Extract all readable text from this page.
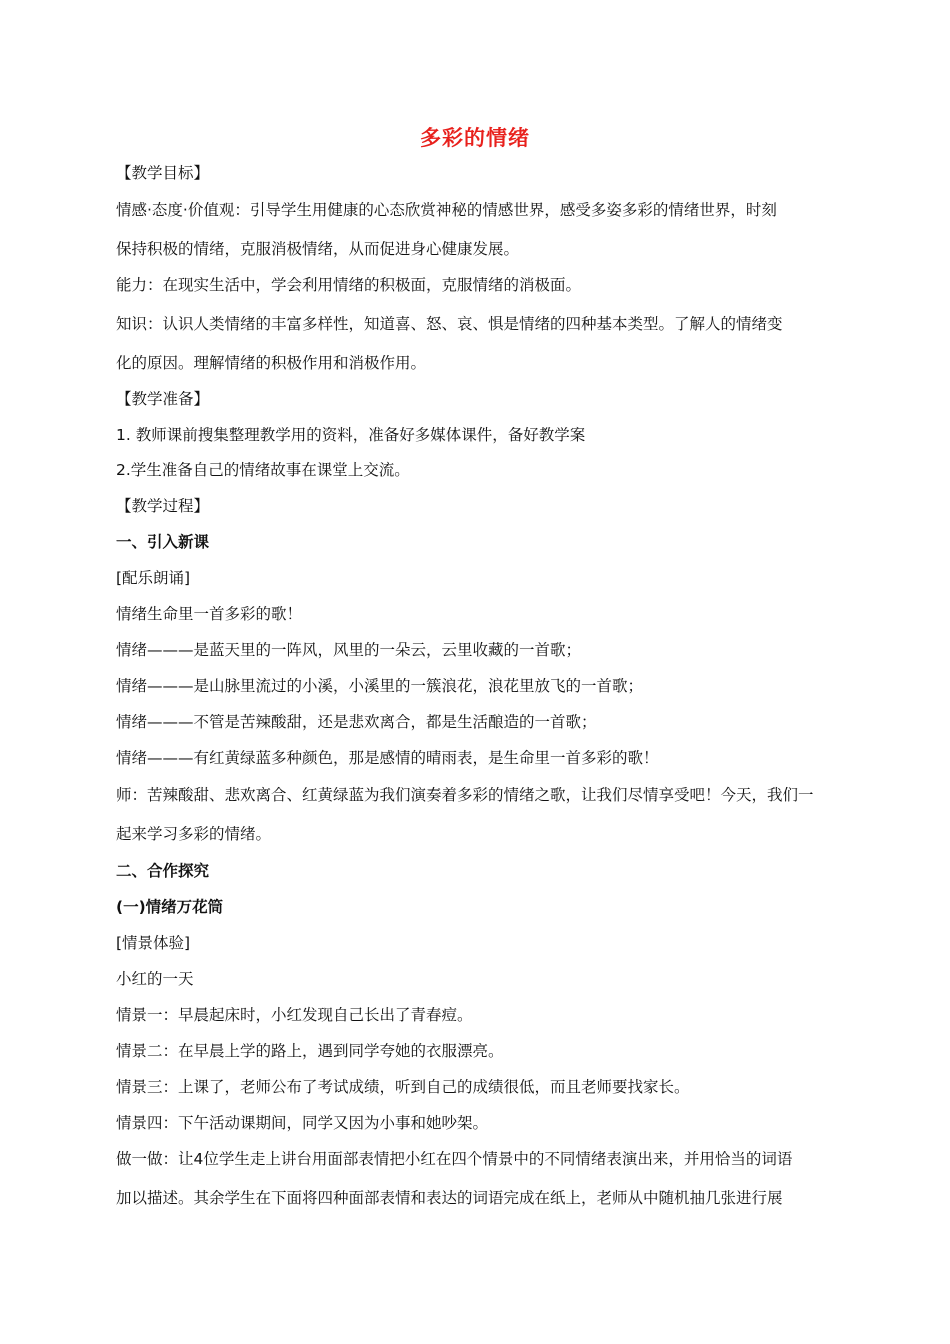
多彩的情绪
【教学目标】
情感·态度·价值观：引导学生用健康的心态欣赏神秘的情感世界，感受多姿多彩的情绪世界，时刻
保持积极的情绪，克服消极情绪，从而促进身心健康发展。
能力：在现实生活中，学会利用情绪的积极面，克服情绪的消极面。
知识：认识人类情绪的丰富多样性，知道喜、怒、哀、惧是情绪的四种基本类型。了解人的情绪变
化的原因。理解情绪的积极作用和消极作用。
【教学准备】
1. 教师课前搜集整理教学用的资料，准备好多媒体课件，备好教学案
2.学生准备自己的情绪故事在课堂上交流。
【教学过程】
一、引入新课
[配乐朗诵]
情绪生命里一首多彩的歌！
情绪———是蓝天里的一阵风，风里的一朵云，云里收藏的一首歌；
情绪———是山脉里流过的小溪，小溪里的一簇浪花，浪花里放飞的一首歌；
情绪———不管是苦辣酸甜，还是悲欢离合，都是生活酿造的一首歌；
情绪———有红黄绿蓝多种颜色，那是感情的晴雨表，是生命里一首多彩的歌！
师：苦辣酸甜、悲欢离合、红黄绿蓝为我们演奏着多彩的情绪之歌，让我们尽情享受吧！今天，我们一
起来学习多彩的情绪。
二、合作探究
(一)情绪万花筒
[情景体验]
小红的一天
情景一：早晨起床时，小红发现自己长出了青春痘。
情景二：在早晨上学的路上，遇到同学夸她的衣服漂亮。
情景三：上课了，老师公布了考试成绩，听到自己的成绩很低，而且老师要找家长。
情景四：下午活动课期间，同学又因为小事和她吵架。
做一做：让4位学生走上讲台用面部表情把小红在四个情景中的不同情绪表演出来，并用恰当的词语
加以描述。其余学生在下面将四种面部表情和表达的词语完成在纸上，老师从中随机抽几张进行展
